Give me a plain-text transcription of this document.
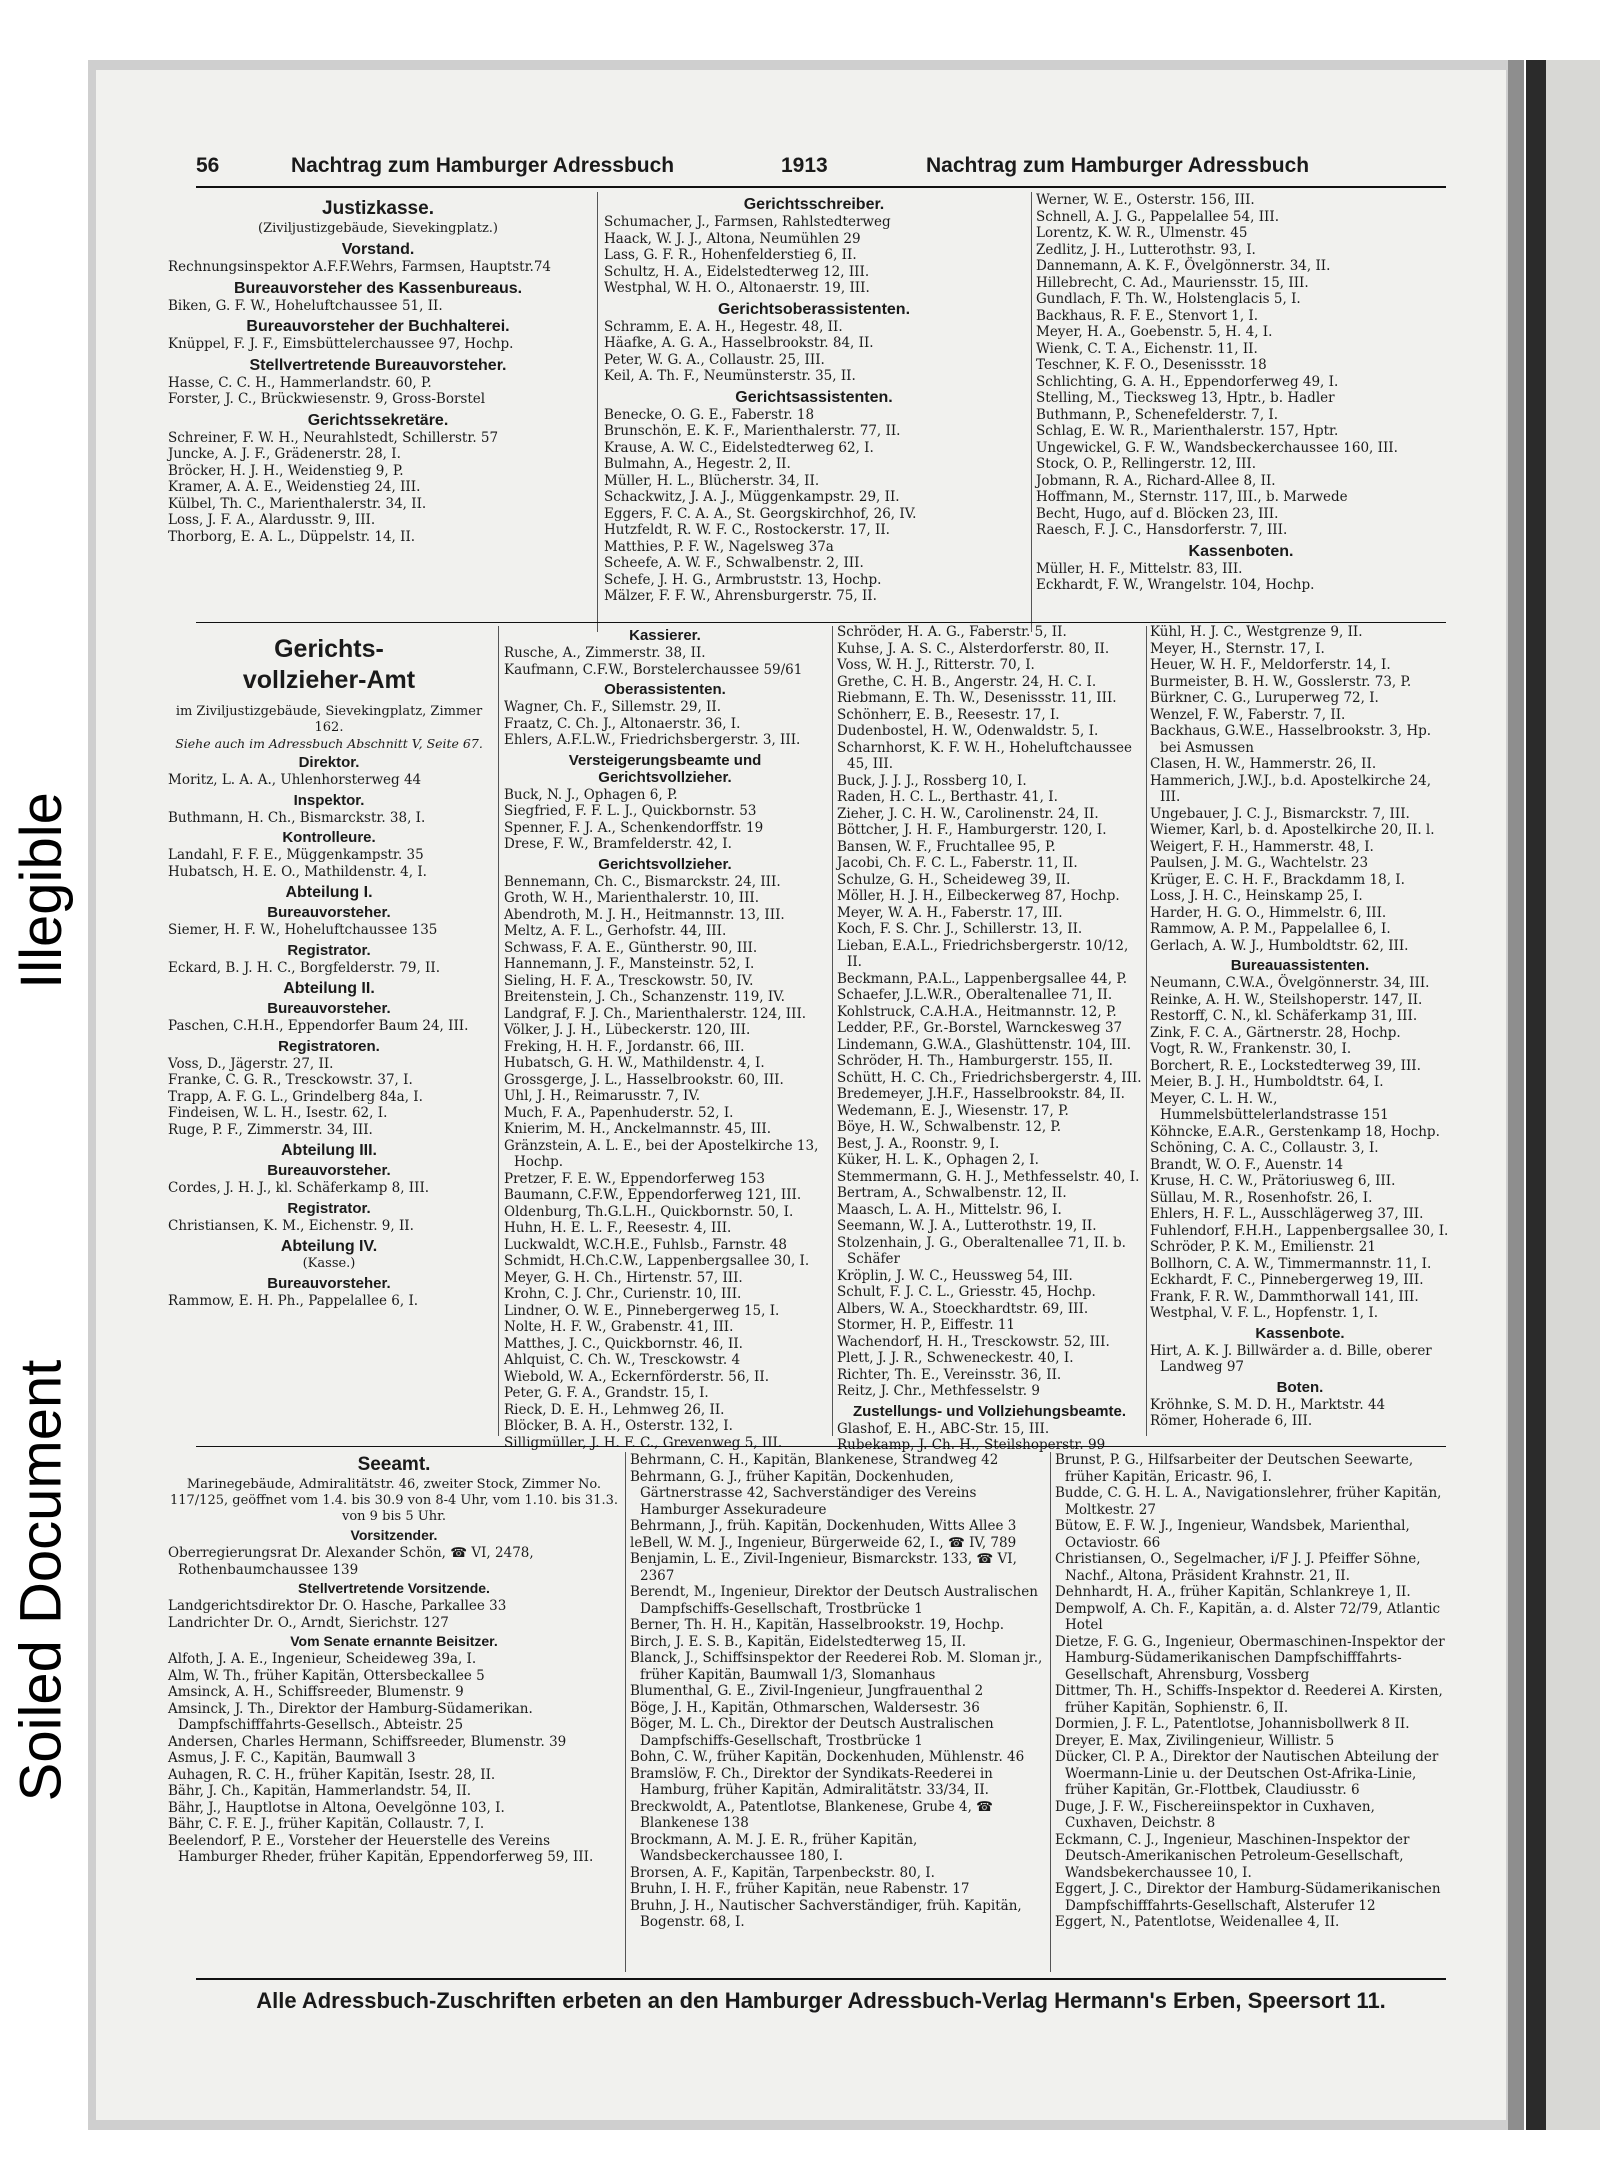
Illegible
Soiled Document
56	Nachtrag zum Hamburger Adressbuch	1913	Nachtrag zum Hamburger Adressbuch
Justizkasse.
(Ziviljustizgebäude, Sievekingplatz.)
Vorstand.

Rechnungsinspektor A.F.F.Wehrs, Farmsen, Hauptstr.74

Bureauvorsteher des Kassenbureaus.

Biken, G. F. W., Hoheluftchaussee 51, II.

Bureauvorsteher der Buchhalterei.

Knüppel, F. J. F., Eimsbüttelerchaussee 97, Hochp.

Stellvertretende Bureauvorsteher.

Hasse, C. C. H., Hammerlandstr. 60, P.

Forster, J. C., Brückwiesenstr. 9, Gross-Borstel

Gerichtssekretäre.

Schreiner, F. W. H., Neurahlstedt, Schillerstr. 57

Juncke, A. J. F., Grädenerstr. 28, I.

Bröcker, H. J. H., Weidenstieg 9, P.

Kramer, A. A. E., Weidenstieg 24, III.

Külbel, Th. C., Marienthalerstr. 34, II.

Loss, J. F. A., Alardusstr. 9, III.

Thorborg, E. A. L., Düppelstr. 14, II.

Gerichtsschreiber.

Schumacher, J., Farmsen, Rahlstedterweg

Haack, W. J. J., Altona, Neumühlen 29

Lass, G. F. R., Hohenfelderstieg 6, II.

Schultz, H. A., Eidelstedterweg 12, III.

Westphal, W. H. O., Altonaerstr. 19, III.

Gerichtsoberassistenten.

Schramm, E. A. H., Hegestr. 48, II.

Häafke, A. G. A., Hasselbrookstr. 84, II.

Peter, W. G. A., Collaustr. 25, III.

Keil, A. Th. F., Neumünsterstr. 35, II.

Gerichtsassistenten.

Benecke, O. G. E., Faberstr. 18

Brunschön, E. K. F., Marienthalerstr. 77, II.

Krause, A. W. C., Eidelstedterweg 62, I.

Bulmahn, A., Hegestr. 2, II.

Müller, H. L., Blücherstr. 34, II.

Schackwitz, J. A. J., Müggenkampstr. 29, II.

Eggers, F. C. A. A., St. Georgskirchhof, 26, IV.

Hutzfeldt, R. W. F. C., Rostockerstr. 17, II.

Matthies, P. F. W., Nagelsweg 37a

Scheefe, A. W. F., Schwalbenstr. 2, III.

Schefe, J. H. G., Armbruststr. 13, Hochp.

Mälzer, F. F. W., Ahrensburgerstr. 75, II.

Werner, W. E., Osterstr. 156, III.

Schnell, A. J. G., Pappelallee 54, III.

Lorentz, K. W. R., Ulmenstr. 45

Zedlitz, J. H., Lutterothstr. 93, I.

Dannemann, A. K. F., Övelgönnerstr. 34, II.

Hillebrecht, C. Ad., Mauriensstr. 15, III.

Gundlach, F. Th. W., Holstenglacis 5, I.

Backhaus, R. F. E., Stenvort 1, I.

Meyer, H. A., Goebenstr. 5, H. 4, I.

Wienk, C. T. A., Eichenstr. 11, II.

Teschner, K. F. O., Desenissstr. 18

Schlichting, G. A. H., Eppendorferweg 49, I.

Stelling, M., Tiecksweg 13, Hptr., b. Hadler

Buthmann, P., Schenefelderstr. 7, I.

Schlag, E. W. R., Marienthalerstr. 157, Hptr.

Ungewickel, G. F. W., Wandsbeckerchaussee 160, III.

Stock, O. P., Rellingerstr. 12, III.

Jobmann, R. A., Richard-Allee 8, II.

Hoffmann, M., Sternstr. 117, III., b. Marwede

Becht, Hugo, auf d. Blöcken 23, III.

Raesch, F. J. C., Hansdorferstr. 7, III.

Kassenboten.

Müller, H. F., Mittelstr. 83, III.

Eckhardt, F. W., Wrangelstr. 104, Hochp.

Gerichts-
vollzieher-Amt
im Ziviljustizgebäude, Sievekingplatz, Zimmer 162.
Siehe auch im Adressbuch Abschnitt V, Seite 67.
Direktor.

Moritz, L. A. A., Uhlenhorsterweg 44

Inspektor.

Buthmann, H. Ch., Bismarckstr. 38, I.

Kontrolleure.

Landahl, F. F. E., Müggenkampstr. 35

Hubatsch, H. E. O., Mathildenstr. 4, I.

Abteilung I.
Bureauvorsteher.

Siemer, H. F. W., Hoheluftchaussee 135

Registrator.

Eckard, B. J. H. C., Borgfelderstr. 79, II.

Abteilung II.
Bureauvorsteher.

Paschen, C.H.H., Eppendorfer Baum 24, III.

Registratoren.

Voss, D., Jägerstr. 27, II.

Franke, C. G. R., Tresckowstr. 37, I.

Trapp, A. F. G. L., Grindelberg 84a, I.

Findeisen, W. L. H., Isestr. 62, I.

Ruge, P. F., Zimmerstr. 34, III.

Abteilung III.
Bureauvorsteher.

Cordes, J. H. J., kl. Schäferkamp 8, III.

Registrator.

Christiansen, K. M., Eichenstr. 9, II.

Abteilung IV.
(Kasse.)
Bureauvorsteher.

Rammow, E. H. Ph., Pappelallee 6, I.

Kassierer.

Rusche, A., Zimmerstr. 38, II.

Kaufmann, C.F.W., Borstelerchaussee 59/61

Oberassistenten.

Wagner, Ch. F., Sillemstr. 29, II.

Fraatz, C. Ch. J., Altonaerstr. 36, I.

Ehlers, A.F.L.W., Friedrichsbergerstr. 3, III.

Versteigerungsbeamte und Gerichtsvollzieher.

Buck, N. J., Ophagen 6, P.

Siegfried, F. F. L. J., Quickbornstr. 53

Spenner, F. J. A., Schenkendorffstr. 19

Drese, F. W., Bramfelderstr. 42, I.

Gerichtsvollzieher.

Bennemann, Ch. C., Bismarckstr. 24, III.

Groth, W. H., Marienthalerstr. 10, III.

Abendroth, M. J. H., Heitmannstr. 13, III.

Meltz, A. F. L., Gerhofstr. 44, III.

Schwass, F. A. E., Güntherstr. 90, III.

Hannemann, J. F., Mansteinstr. 52, I.

Sieling, H. F. A., Tresckowstr. 50, IV.

Breitenstein, J. Ch., Schanzenstr. 119, IV.

Landgraf, F. J. Ch., Marienthalerstr. 124, III.

Völker, J. J. H., Lübeckerstr. 120, III.

Freking, H. H. F., Jordanstr. 66, III.

Hubatsch, G. H. W., Mathildenstr. 4, I.

Grossgerge, J. L., Hasselbrookstr. 60, III.

Uhl, J. H., Reimarusstr. 7, IV.

Much, F. A., Papenhuderstr. 52, I.

Knierim, M. H., Anckelmannstr. 45, III.

Gränzstein, A. L. E., bei der Apostelkirche 13, Hochp.

Pretzer, F. E. W., Eppendorferweg 153

Baumann, C.F.W., Eppendorferweg 121, III.

Oldenburg, Th.G.L.H., Quickbornstr. 50, I.

Huhn, H. E. L. F., Reesestr. 4, III.

Luckwaldt, W.C.H.E., Fuhlsb., Farnstr. 48

Schmidt, H.Ch.C.W., Lappenbergsallee 30, I.

Meyer, G. H. Ch., Hirtenstr. 57, III.

Krohn, C. J. Chr., Curienstr. 10, III.

Lindner, O. W. E., Pinnebergerweg 15, I.

Nolte, H. F. W., Grabenstr. 41, III.

Matthes, J. C., Quickbornstr. 46, II.

Ahlquist, C. Ch. W., Tresckowstr. 4

Wiebold, W. A., Eckernförderstr. 56, II.

Peter, G. F. A., Grandstr. 15, I.

Rieck, D. E. H., Lehmweg 26, II.

Blöcker, B. A. H., Osterstr. 132, I.

Silligmüller, J. H. F. C., Grevenweg 5, III.

Schröder, H. A. G., Faberstr. 5, II.

Kuhse, J. A. S. C., Alsterdorferstr. 80, II.

Voss, W. H. J., Ritterstr. 70, I.

Grethe, C. H. B., Angerstr. 24, H. C. I.

Riebmann, E. Th. W., Desenissstr. 11, III.

Schönherr, E. B., Reesestr. 17, I.

Dudenbostel, H. W., Odenwaldstr. 5, I.

Scharnhorst, K. F. W. H., Hoheluftchaussee 45, III.

Buck, J. J. J., Rossberg 10, I.

Raden, H. C. L., Berthastr. 41, I.

Zieher, J. C. H. W., Carolinenstr. 24, II.

Böttcher, J. H. F., Hamburgerstr. 120, I.

Bansen, W. F., Fruchtallee 95, P.

Jacobi, Ch. F. C. L., Faberstr. 11, II.

Schulze, G. H., Scheideweg 39, II.

Möller, H. J. H., Eilbeckerweg 87, Hochp.

Meyer, W. A. H., Faberstr. 17, III.

Koch, F. S. Chr. J., Schillerstr. 13, II.

Lieban, E.A.L., Friedrichsbergerstr. 10/12, II.

Beckmann, P.A.L., Lappenbergsallee 44, P.

Schaefer, J.L.W.R., Oberaltenallee 71, II.

Kohlstruck, C.A.H.A., Heitmannstr. 12, P.

Ledder, P.F., Gr.-Borstel, Warnckesweg 37

Lindemann, G.W.A., Glashüttenstr. 104, III.

Schröder, H. Th., Hamburgerstr. 155, II.

Schütt, H. C. Ch., Friedrichsbergerstr. 4, III.

Bredemeyer, J.H.F., Hasselbrookstr. 84, II.

Wedemann, E. J., Wiesenstr. 17, P.

Böye, H. W., Schwalbenstr. 12, P.

Best, J. A., Roonstr. 9, I.

Küker, H. L. K., Ophagen 2, I.

Stemmermann, G. H. J., Methfesselstr. 40, I.

Bertram, A., Schwalbenstr. 12, II.

Maasch, L. A. H., Mittelstr. 96, I.

Seemann, W. J. A., Lutterothstr. 19, II.

Stolzenhain, J. G., Oberaltenallee 71, II. b. Schäfer

Kröplin, J. W. C., Heussweg 54, III.

Schult, F. J. C. L., Griesstr. 45, Hochp.

Albers, W. A., Stoeckhardtstr. 69, III.

Stormer, H. P., Eiffestr. 11

Wachendorf, H. H., Tresckowstr. 52, III.

Plett, J. J. R., Schweneckestr. 40, I.

Richter, Th. E., Vereinsstr. 36, II.

Reitz, J. Chr., Methfesselstr. 9

Zustellungs- und Vollziehungsbeamte.

Glashof, E. H., ABC-Str. 15, III.

Rubekamp, J. Ch. H., Steilshoperstr. 99

Kühl, H. J. C., Westgrenze 9, II.

Meyer, H., Sternstr. 17, I.

Heuer, W. H. F., Meldorferstr. 14, I.

Burmeister, B. H. W., Gosslerstr. 73, P.

Bürkner, C. G., Luruperweg 72, I.

Wenzel, F. W., Faberstr. 7, II.

Backhaus, G.W.E., Hasselbrookstr. 3, Hp. bei Asmussen

Clasen, H. W., Hammerstr. 26, II.

Hammerich, J.W.J., b.d. Apostelkirche 24, III.

Ungebauer, J. C. J., Bismarckstr. 7, III.

Wiemer, Karl, b. d. Apostelkirche 20, II. l.

Weigert, F. H., Hammerstr. 48, I.

Paulsen, J. M. G., Wachtelstr. 23

Krüger, E. C. H. F., Brackdamm 18, I.

Loss, J. H. C., Heinskamp 25, I.

Harder, H. G. O., Himmelstr. 6, III.

Rammow, A. P. M., Pappelallee 6, I.

Gerlach, A. W. J., Humboldtstr. 62, III.

Bureauassistenten.

Neumann, C.W.A., Övelgönnerstr. 34, III.

Reinke, A. H. W., Steilshoperstr. 147, II.

Restorff, C. N., kl. Schäferkamp 31, III.

Zink, F. C. A., Gärtnerstr. 28, Hochp.

Vogt, R. W., Frankenstr. 30, I.

Borchert, R. E., Lockstedterweg 39, III.

Meier, B. J. H., Humboldtstr. 64, I.

Meyer, C. L. H. W., Hummelsbüttelerlandstrasse 151

Köhncke, E.A.R., Gerstenkamp 18, Hochp.

Schöning, C. A. C., Collaustr. 3, I.

Brandt, W. O. F., Auenstr. 14

Kruse, H. C. W., Prätoriusweg 6, III.

Süllau, M. R., Rosenhofstr. 26, I.

Ehlers, H. F. L., Ausschlägerweg 37, III.

Fuhlendorf, F.H.H., Lappenbergsallee 30, I.

Schröder, P. K. M., Emilienstr. 21

Bollhorn, C. A. W., Timmermannstr. 11, I.

Eckhardt, F. C., Pinnebergerweg 19, III.

Frank, F. R. W., Dammthorwall 141, III.

Westphal, V. F. L., Hopfenstr. 1, I.

Kassenbote.

Hirt, A. K. J. Billwärder a. d. Bille, oberer Landweg 97

Boten.

Kröhnke, S. M. D. H., Marktstr. 44

Römer, Hoherade 6, III.

Seeamt.
Marinegebäude, Admiralitätstr. 46, zweiter Stock, Zimmer No. 117/125, geöffnet vom 1.4. bis 30.9 von 8-4 Uhr, vom 1.10. bis 31.3. von 9 bis 5 Uhr.
Vorsitzender.

Oberregierungsrat Dr. Alexander Schön, ☎ VI, 2478, Rothenbaumchaussee 139

Stellvertretende Vorsitzende.

Landgerichtsdirektor Dr. O. Hasche, Parkallee 33

Landrichter Dr. O., Arndt, Sierichstr. 127

Vom Senate ernannte Beisitzer.

Alfoth, J. A. E., Ingenieur, Scheideweg 39a, I.

Alm, W. Th., früher Kapitän, Ottersbeckallee 5

Amsinck, A. H., Schiffsreeder, Blumenstr. 9

Amsinck, J. Th., Direktor der Hamburg-Südamerikan. Dampfschifffahrts-Gesellsch., Abteistr. 25

Andersen, Charles Hermann, Schiffsreeder, Blumenstr. 39

Asmus, J. F. C., Kapitän, Baumwall 3

Auhagen, R. C. H., früher Kapitän, Isestr. 28, II.

Bähr, J. Ch., Kapitän, Hammerlandstr. 54, II.

Bähr, J., Hauptlotse in Altona, Oevelgönne 103, I.

Bähr, C. F. E. J., früher Kapitän, Collaustr. 7, I.

Beelendorf, P. E., Vorsteher der Heuerstelle des Vereins Hamburger Rheder, früher Kapitän, Eppendorferweg 59, III.

Behrmann, C. H., Kapitän, Blankenese, Strandweg 42

Behrmann, G. J., früher Kapitän, Dockenhuden, Gärtnerstrasse 42, Sachverständiger des Vereins Hamburger Assekuradeure

Behrmann, J., früh. Kapitän, Dockenhuden, Witts Allee 3

leBell, W. M. J., Ingenieur, Bürgerweide 62, I., ☎ IV, 789

Benjamin, L. E., Zivil-Ingenieur, Bismarckstr. 133, ☎ VI, 2367

Berendt, M., Ingenieur, Direktor der Deutsch Australischen Dampfschiffs-Gesellschaft, Trostbrücke 1

Berner, Th. H. H., Kapitän, Hasselbrookstr. 19, Hochp.

Birch, J. E. S. B., Kapitän, Eidelstedterweg 15, II.

Blanck, J., Schiffsinspektor der Reederei Rob. M. Sloman jr., früher Kapitän, Baumwall 1/3, Slomanhaus

Blumenthal, G. E., Zivil-Ingenieur, Jungfrauenthal 2

Böge, J. H., Kapitän, Othmarschen, Waldersestr. 36

Böger, M. L. Ch., Direktor der Deutsch Australischen Dampfschiffs-Gesellschaft, Trostbrücke 1

Bohn, C. W., früher Kapitän, Dockenhuden, Mühlenstr. 46

Bramslöw, F. Ch., Direktor der Syndikats-Reederei in Hamburg, früher Kapitän, Admiralitätstr. 33/34, II.

Breckwoldt, A., Patentlotse, Blankenese, Grube 4, ☎ Blankenese 138

Brockmann, A. M. J. E. R., früher Kapitän, Wandsbeckerchaussee 180, I.

Brorsen, A. F., Kapitän, Tarpenbeckstr. 80, I.

Bruhn, I. H. F., früher Kapitän, neue Rabenstr. 17

Bruhn, J. H., Nautischer Sachverständiger, früh. Kapitän, Bogenstr. 68, I.

Brunst, P. G., Hilfsarbeiter der Deutschen Seewarte, früher Kapitän, Ericastr. 96, I.

Budde, C. G. H. L. A., Navigationslehrer, früher Kapitän, Moltkestr. 27

Bütow, E. F. W. J., Ingenieur, Wandsbek, Marienthal, Octaviostr. 66

Christiansen, O., Segelmacher, i/F J. J. Pfeiffer Söhne, Nachf., Altona, Präsident Krahnstr. 21, II.

Dehnhardt, H. A., früher Kapitän, Schlankreye 1, II.

Dempwolf, A. Ch. F., Kapitän, a. d. Alster 72/79, Atlantic Hotel

Dietze, F. G. G., Ingenieur, Obermaschinen-Inspektor der Hamburg-Südamerikanischen Dampfschifffahrts-Gesellschaft, Ahrensburg, Vossberg

Dittmer, Th. H., Schiffs-Inspektor d. Reederei A. Kirsten, früher Kapitän, Sophienstr. 6, II.

Dormien, J. F. L., Patentlotse, Johannisbollwerk 8 II.

Dreyer, E. Max, Zivilingenieur, Willistr. 5

Dücker, Cl. P. A., Direktor der Nautischen Abteilung der Woermann-Linie u. der Deutschen Ost-Afrika-Linie, früher Kapitän, Gr.-Flottbek, Claudiusstr. 6

Duge, J. F. W., Fischereiinspektor in Cuxhaven, Cuxhaven, Deichstr. 8

Eckmann, C. J., Ingenieur, Maschinen-Inspektor der Deutsch-Amerikanischen Petroleum-Gesellschaft, Wandsbekerchaussee 10, I.

Eggert, J. C., Direktor der Hamburg-Südamerikanischen Dampfschifffahrts-Gesellschaft, Alsterufer 12

Eggert, N., Patentlotse, Weidenallee 4, II.

Alle Adressbuch-Zuschriften erbeten an den Hamburger Adressbuch-Verlag Hermann's Erben, Speersort 11.
